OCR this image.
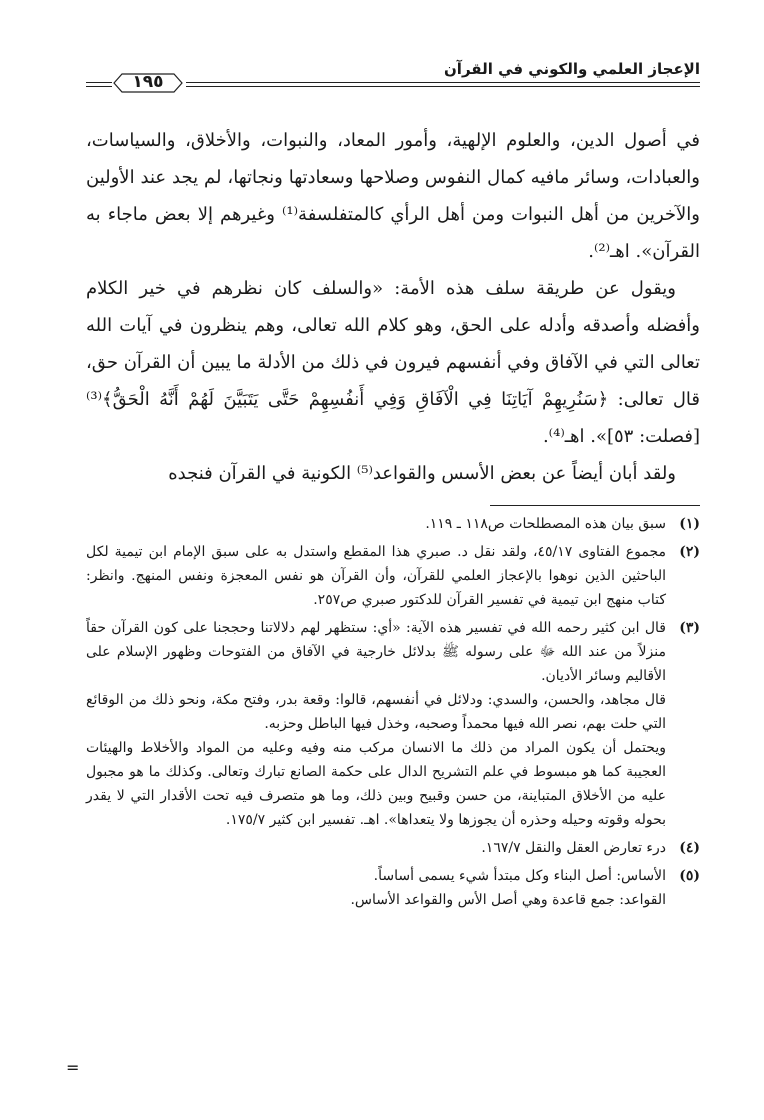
الإعجاز العلمي والكوني في القرآن
١٩٥

في أصول الدين، والعلوم الإلهية، وأمور المعاد، والنبوات، والأخلاق، والسياسات، والعبادات، وسائر مافيه كمال النفوس وصلاحها وسعادتها ونجاتها، لم يجد عند الأولين والآخرين من أهل النبوات ومن أهل الرأي كالمتفلسفة⁽¹⁾ وغيرهم إلا بعض ماجاء به القرآن». اهـ⁽²⁾.

ويقول عن طريقة سلف هذه الأمة: «والسلف كان نظرهم في خير الكلام وأفضله وأصدقه وأدله على الحق، وهو كلام الله تعالى، وهم ينظرون في آيات الله تعالى التي في الآفاق وفي أنفسهم فيرون في ذلك من الأدلة ما يبين أن القرآن حق، قال تعالى: ﴿سَنُرِيهِمْ آيَاتِنَا فِي الْآفَاقِ وَفِي أَنفُسِهِمْ حَتَّى يَتَبَيَّنَ لَهُمْ أَنَّهُ الْحَقُّ﴾⁽³⁾ [فصلت: ٥٣]». اهـ⁽⁴⁾.

ولقد أبان أيضاً عن بعض الأسس والقواعد⁽⁵⁾ الكونية في القرآن فنجده

(١)

سبق بيان هذه المصطلحات ص١١٨ ـ ١١٩.

(٢)

مجموع الفتاوى ٤٥/١٧، ولقد نقل د. صبري هذا المقطع واستدل به على سبق الإمام ابن تيمية لكل الباحثين الذين نوهوا بالإعجاز العلمي للقرآن، وأن القرآن هو نفس المعجزة ونفس المنهج. وانظر: كتاب منهج ابن تيمية في تفسير القرآن للدكتور صبري ص٢٥٧.

(٣)

قال ابن كثير رحمه الله في تفسير هذه الآية: «أي: ستظهر لهم دلالاتنا وحججنا على كون القرآن حقاً منزلاً من عند الله ﷻ على رسوله ﷺ بدلائل خارجية في الآفاق من الفتوحات وظهور الإسلام على الأقاليم وسائر الأديان.

قال مجاهد، والحسن، والسدي: ودلائل في أنفسهم، قالوا: وقعة بدر، وفتح مكة، ونحو ذلك من الوقائع التي حلت بهم، نصر الله فيها محمداً وصحبه، وخذل فيها الباطل وحزبه.

ويحتمل أن يكون المراد من ذلك ما الانسان مركب منه وفيه وعليه من المواد والأخلاط والهيئات العجيبة كما هو مبسوط في علم التشريح الدال على حكمة الصانع تبارك وتعالى. وكذلك ما هو مجبول عليه من الأخلاق المتباينة، من حسن وقبيح وبين ذلك، وما هو متصرف فيه تحت الأقدار التي لا يقدر بحوله وقوته وحيله وحذره أن يجوزها ولا يتعداها». اهـ. تفسير ابن كثير ١٧٥/٧.

(٤)

درء تعارض العقل والنقل ١٦٧/٧.

(٥)

الأساس: أصل البناء وكل مبتدأ شيء يسمى أساساً.

القواعد: جمع قاعدة وهي أصل الأس والقواعد الأساس.

=
